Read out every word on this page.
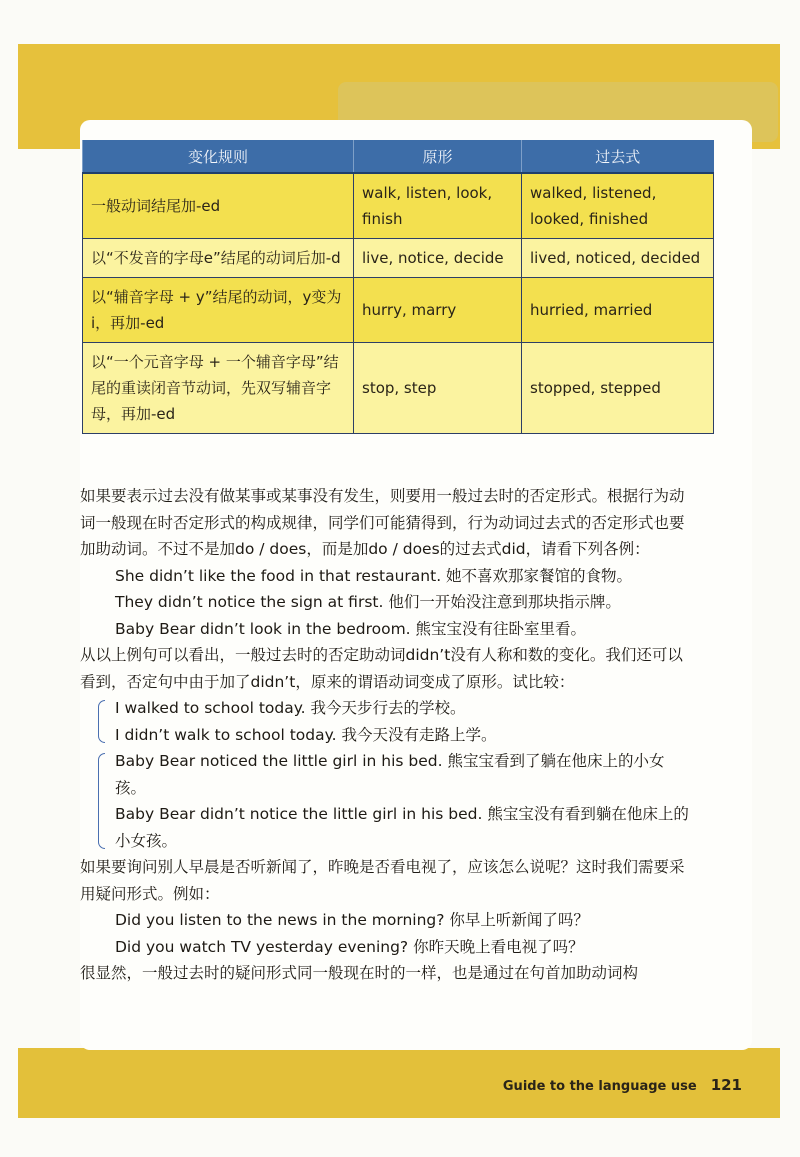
变化规则	原形	过去式
一般动词结尾加-ed	walk, listen, look, finish	walked, listened, looked, finished
以“不发音的字母e”结尾的动词后加-d	live, notice, decide	lived, noticed, decided
以“辅音字母 + y”结尾的动词，y变为i，再加-ed	hurry, marry	hurried, married
以“一个元音字母 + 一个辅音字母”结尾的重读闭音节动词，先双写辅音字母，再加-ed	stop, step	stopped, stepped

如果要表示过去没有做某事或某事没有发生，则要用一般过去时的否定形式。根据行为动词一般现在时否定形式的构成规律，同学们可能猜得到，行为动词过去式的否定形式也要加助动词。不过不是加do / does，而是加do / does的过去式did，请看下列各例：

She didn’t like the food in that restaurant. 她不喜欢那家餐馆的食物。

They didn’t notice the sign at first. 他们一开始没注意到那块指示牌。

Baby Bear didn’t look in the bedroom. 熊宝宝没有往卧室里看。

从以上例句可以看出，一般过去时的否定助动词didn’t没有人称和数的变化。我们还可以看到，否定句中由于加了didn’t，原来的谓语动词变成了原形。试比较：

I walked to school today. 我今天步行去的学校。

I didn’t walk to school today. 我今天没有走路上学。

Baby Bear noticed the little girl in his bed. 熊宝宝看到了躺在他床上的小女孩。

Baby Bear didn’t notice the little girl in his bed. 熊宝宝没有看到躺在他床上的小女孩。

如果要询问别人早晨是否听新闻了，昨晚是否看电视了，应该怎么说呢？这时我们需要采用疑问形式。例如：

Did you listen to the news in the morning? 你早上听新闻了吗？

Did you watch TV yesterday evening? 你昨天晚上看电视了吗？

很显然，一般过去时的疑问形式同一般现在时的一样，也是通过在句首加助动词构

Guide to the language use 121
